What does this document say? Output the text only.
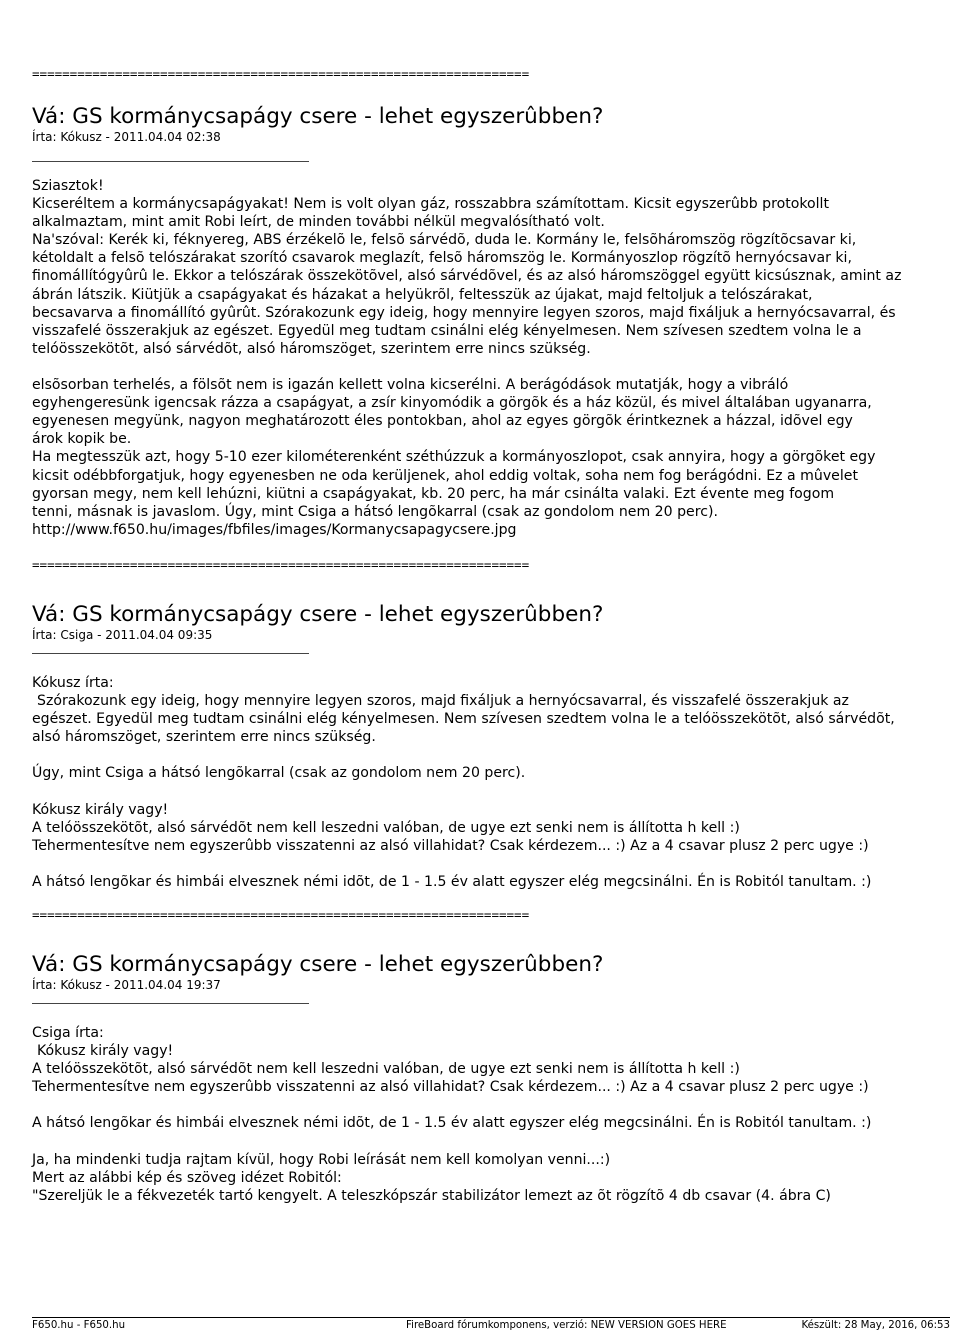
==================================================================
Vá: GS kormánycsapágy csere - lehet egyszerûbben?
Írta: Kókusz - 2011.04.04 02:38

Sziasztok!

Kicseréltem a kormánycsapágyakat! Nem is volt olyan gáz, rosszabbra számítottam. Kicsit egyszerûbb protokollt

alkalmaztam, mint amit Robi leírt, de minden további nélkül megvalósítható volt.

Na'szóval: Kerék ki, féknyereg, ABS érzékelõ le, felsõ sárvédõ, duda le. Kormány le, felsõháromszög rögzítõcsavar ki,

kétoldalt a felsõ telószárakat szorító csavarok meglazít, felsõ háromszög le. Kormányoszlop rögzítõ hernyócsavar ki,

finomállítógyûrû le. Ekkor a telószárak összekötõvel, alsó sárvédõvel, és az alsó háromszöggel együtt kicsúsznak, amint az

ábrán látszik. Kiütjük a csapágyakat és házakat a helyükrõl, feltesszük az újakat, majd feltoljuk a telószárakat,

becsavarva a finomállító gyûrût. Szórakozunk egy ideig, hogy mennyire legyen szoros, majd fixáljuk a hernyócsavarral, és

visszafelé összerakjuk az egészet. Egyedül meg tudtam csinálni elég kényelmesen. Nem szívesen szedtem volna le a

telóösszekötõt, alsó sárvédõt, alsó háromszöget, szerintem erre nincs szükség.

elsõsorban terhelés, a fölsõt nem is igazán kellett volna kicserélni. A berágódások mutatják, hogy a vibráló

egyhengeresünk igencsak rázza a csapágyat, a zsír kinyomódik a görgõk és a ház közül, és mivel általában ugyanarra,

egyenesen megyünk, nagyon meghatározott éles pontokban, ahol az egyes görgõk érintkeznek a házzal, idõvel egy

árok kopik be.

Ha megtesszük azt, hogy 5-10 ezer kilométerenként széthúzzuk a kormányoszlopot, csak annyira, hogy a görgõket egy

kicsit odébbforgatjuk, hogy egyenesben ne oda kerüljenek, ahol eddig voltak, soha nem fog berágódni. Ez a mûvelet

gyorsan megy, nem kell lehúzni, kiütni a csapágyakat, kb. 20 perc, ha már csinálta valaki. Ezt évente meg fogom

tenni, másnak is javaslom. Úgy, mint Csiga a hátsó lengõkarral (csak az gondolom nem 20 perc).

http://www.f650.hu/images/fbfiles/images/Kormanycsapagycsere.jpg

==================================================================
Vá: GS kormánycsapágy csere - lehet egyszerûbben?
Írta: Csiga - 2011.04.04 09:35

Kókusz írta:

Szórakozunk egy ideig, hogy mennyire legyen szoros, majd fixáljuk a hernyócsavarral, és visszafelé összerakjuk az

egészet. Egyedül meg tudtam csinálni elég kényelmesen. Nem szívesen szedtem volna le a telóösszekötõt, alsó sárvédõt,

alsó háromszöget, szerintem erre nincs szükség.

Úgy, mint Csiga a hátsó lengõkarral (csak az gondolom nem 20 perc).

Kókusz király vagy!

A telóösszekötõt, alsó sárvédõt nem kell leszedni valóban, de ugye ezt senki nem is állította h kell :)

Tehermentesítve nem egyszerûbb visszatenni az alsó villahidat? Csak kérdezem... :) Az a 4 csavar plusz 2 perc ugye :)

A hátsó lengõkar és himbái elvesznek némi idõt, de 1 - 1.5 év alatt egyszer elég megcsinálni. Én is Robitól tanultam. :)

==================================================================
Vá: GS kormánycsapágy csere - lehet egyszerûbben?
Írta: Kókusz - 2011.04.04 19:37

Csiga írta:

Kókusz király vagy!

A telóösszekötõt, alsó sárvédõt nem kell leszedni valóban, de ugye ezt senki nem is állította h kell :)

Tehermentesítve nem egyszerûbb visszatenni az alsó villahidat? Csak kérdezem... :) Az a 4 csavar plusz 2 perc ugye :)

A hátsó lengõkar és himbái elvesznek némi idõt, de 1 - 1.5 év alatt egyszer elég megcsinálni. Én is Robitól tanultam. :)

Ja, ha mindenki tudja rajtam kívül, hogy Robi leírását nem kell komolyan venni...:)

Mert az alábbi kép és szöveg idézet Robitól:

"Szereljük le a fékvezeték tartó kengyelt. A teleszkópszár stabilizátor lemezt az õt rögzítõ 4 db csavar (4. ábra C)

F650.hu - F650.hu	FireBoard fórumkomponens, verzió: NEW VERSION GOES HERE	Készült: 28 May, 2016, 06:53
